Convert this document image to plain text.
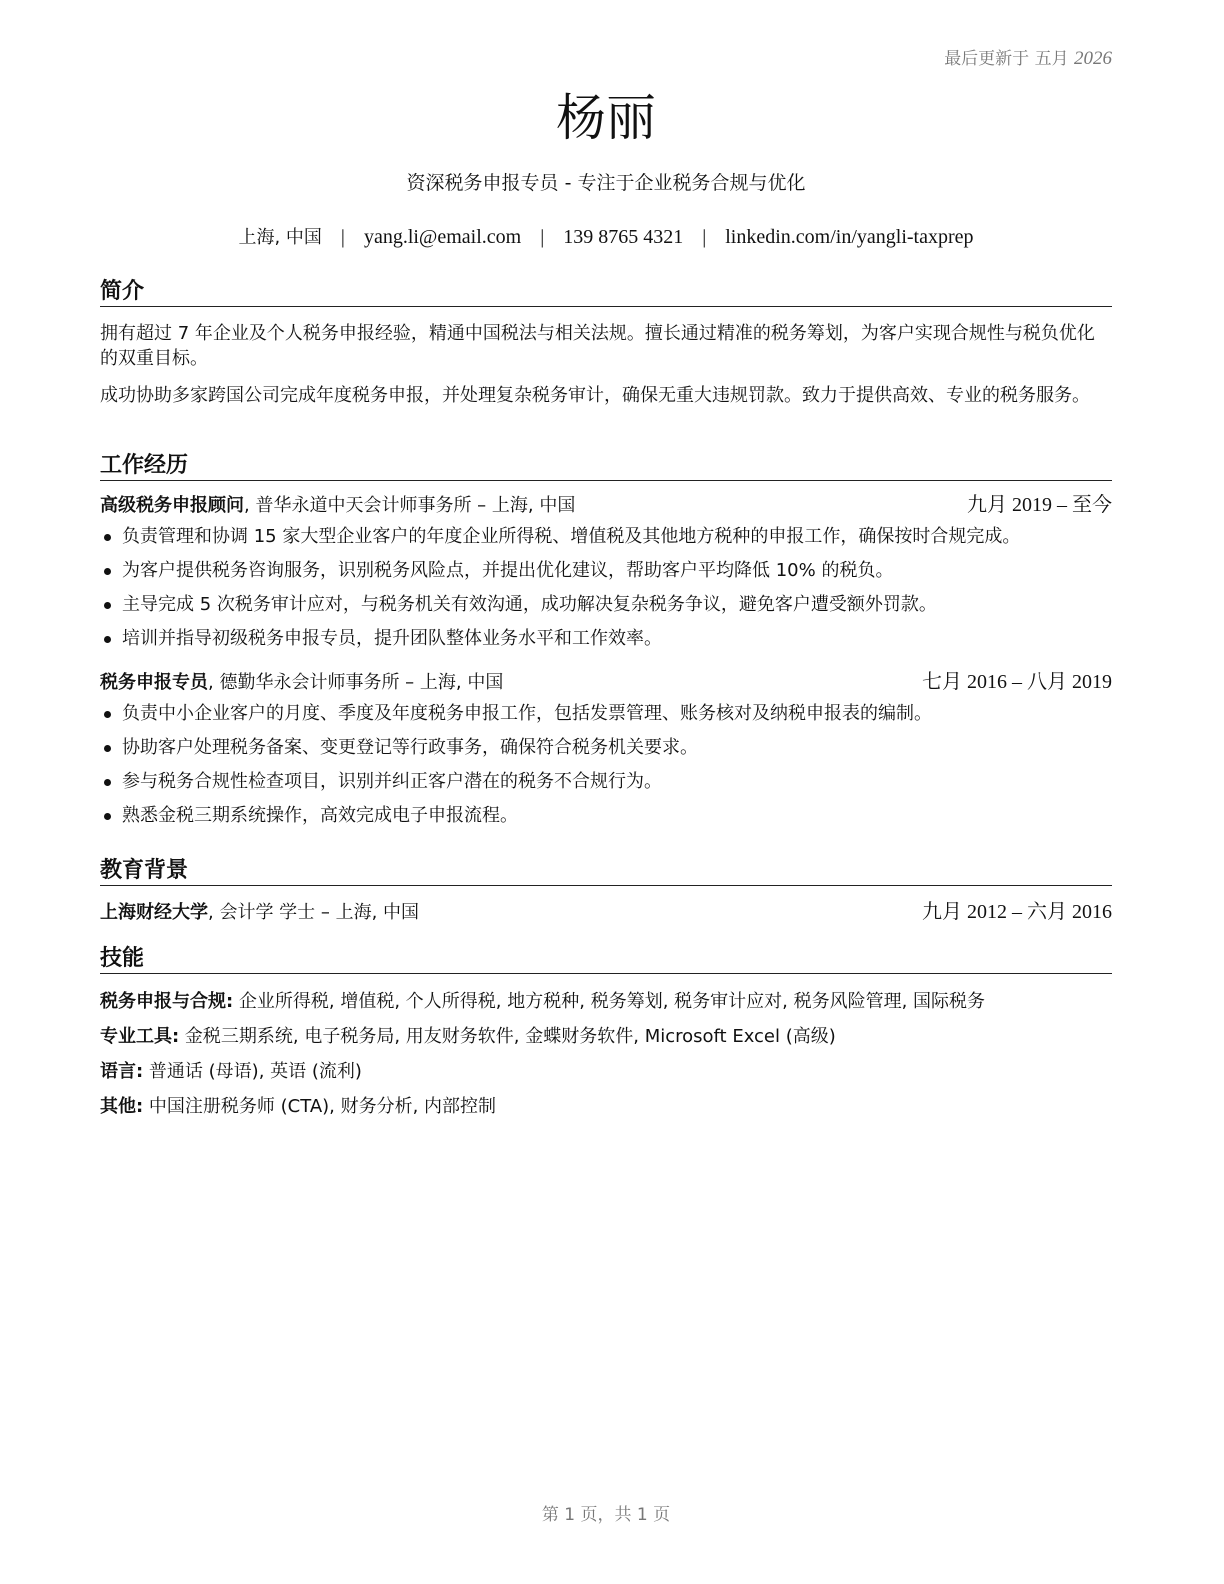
最后更新于 五月 2026
杨丽
资深税务申报专员 - 专注于企业税务合规与优化
上海, 中国 | yang.li@email.com | 139 8765 4321 | linkedin.com/in/yangli-taxprep
简介

拥有超过 7 年企业及个人税务申报经验，精通中国税法与相关法规。擅长通过精准的税务筹划，为客户实现合规性与税负优化的双重目标。

成功协助多家跨国公司完成年度税务申报，并处理复杂税务审计，确保无重大违规罚款。致力于提供高效、专业的税务服务。

工作经历
高级税务申报顾问, 普华永道中天会计师事务所 – 上海, 中国	九月 2019 – 至今
负责管理和协调 15 家大型企业客户的年度企业所得税、增值税及其他地方税种的申报工作，确保按时合规完成。
为客户提供税务咨询服务，识别税务风险点，并提出优化建议，帮助客户平均降低 10% 的税负。
主导完成 5 次税务审计应对，与税务机关有效沟通，成功解决复杂税务争议，避免客户遭受额外罚款。
培训并指导初级税务申报专员，提升团队整体业务水平和工作效率。
税务申报专员, 德勤华永会计师事务所 – 上海, 中国	七月 2016 – 八月 2019
负责中小企业客户的月度、季度及年度税务申报工作，包括发票管理、账务核对及纳税申报表的编制。
协助客户处理税务备案、变更登记等行政事务，确保符合税务机关要求。
参与税务合规性检查项目，识别并纠正客户潜在的税务不合规行为。
熟悉金税三期系统操作，高效完成电子申报流程。
教育背景
上海财经大学, 会计学 学士 – 上海, 中国	九月 2012 – 六月 2016
技能
税务申报与合规: 企业所得税, 增值税, 个人所得税, 地方税种, 税务筹划, 税务审计应对, 税务风险管理, 国际税务
专业工具: 金税三期系统, 电子税务局, 用友财务软件, 金蝶财务软件, Microsoft Excel (高级)
语言: 普通话 (母语), 英语 (流利)
其他: 中国注册税务师 (CTA), 财务分析, 内部控制
第 1 页，共 1 页
